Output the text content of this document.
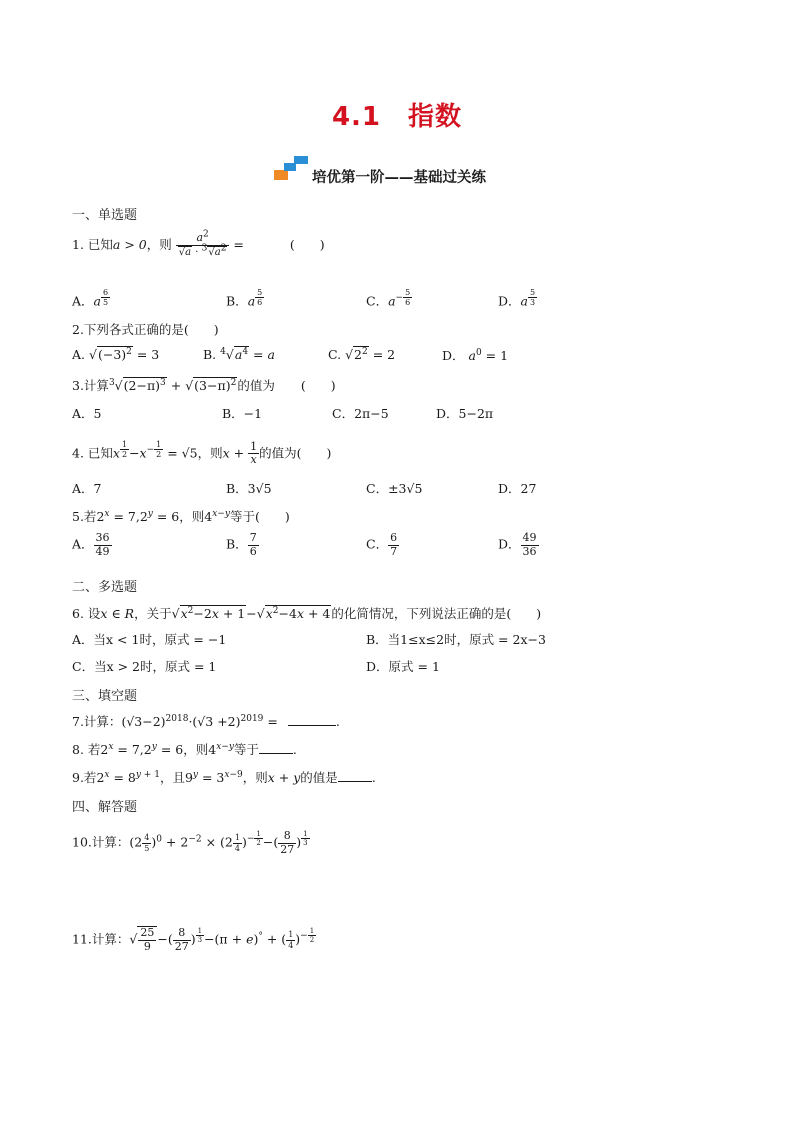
4.1　指数
培优第一阶——基础过关练
一、单选题
1. 已知a > 0，则 $\frac{a^2}{√a \cdot ^3√a^2}$ =	(　　)
A．a $^{\frac{6}{5}}$	B．a $^{\frac{5}{6}}$	C．$a^{- \frac{5}{6}}$	D．a $^{\frac{5}{3}}$
2.下列各式正确的是(　　)
A. $√(-3)^2 = 3$	B. $^4√a^4 = a$	C. $√2^2 = 2$	D． $a^0 = 1$
3.计算$^3√(2-\pi)^3 + √(3-\pi)^2$的值为 (　　)
A．5	B．−1	C．2π−5	D．5−2π
4. 已知x $^{\frac{1}{2}} -x^{- \frac{1}{2}} = √5$，则$x + \frac{1}{x}$ 的值为(　　)
A．7	B．3√5	C．±3√5	D．27
5.若$2^x = 7,2^y = 6$，则$4^{x-y}$等于(　　)
A． $\frac{36}{49}$	B． $\frac{7}{6}$	C． $\frac{6}{7}$	D． $\frac{49}{36}$
二、多选题
6. 设x ∈ R，关于$√x^2-2x + 1-√x^2-4x + 4$的化简情况，下列说法正确的是(　　)
A．当x < 1时，原式 = −1	B．当1≤x≤2时，原式 = 2x−3
C．当x > 2时，原式 = 1	D．原式 = 1
三、填空题
7.计算：$(√3-2)^{2018}\cdot(√3 +2)^{2019}$ =	.
8. 若$2^x = 7,2^y = 6$，则$4^{x-y}$等于	.
9.若$2^x = 8^{y + 1}$，且$9^y = 3^{x-9}$，则x + y的值是	.
四、解答题
10.计算：$(2 \frac{4}{5} )^0 + 2^{-2} \times (2 \frac{1}{4} )^{- \frac{1}{2}}$ −( $\frac{8}{27}$ ) $^{\frac{1}{3}}$
11.计算：√ $\frac{25}{9}$ −( $\frac{8}{27}$ ) $^{\frac{1}{3}}$ −(π + e)° + ( $\frac{1}{4} )^{- \frac{1}{2}}$
